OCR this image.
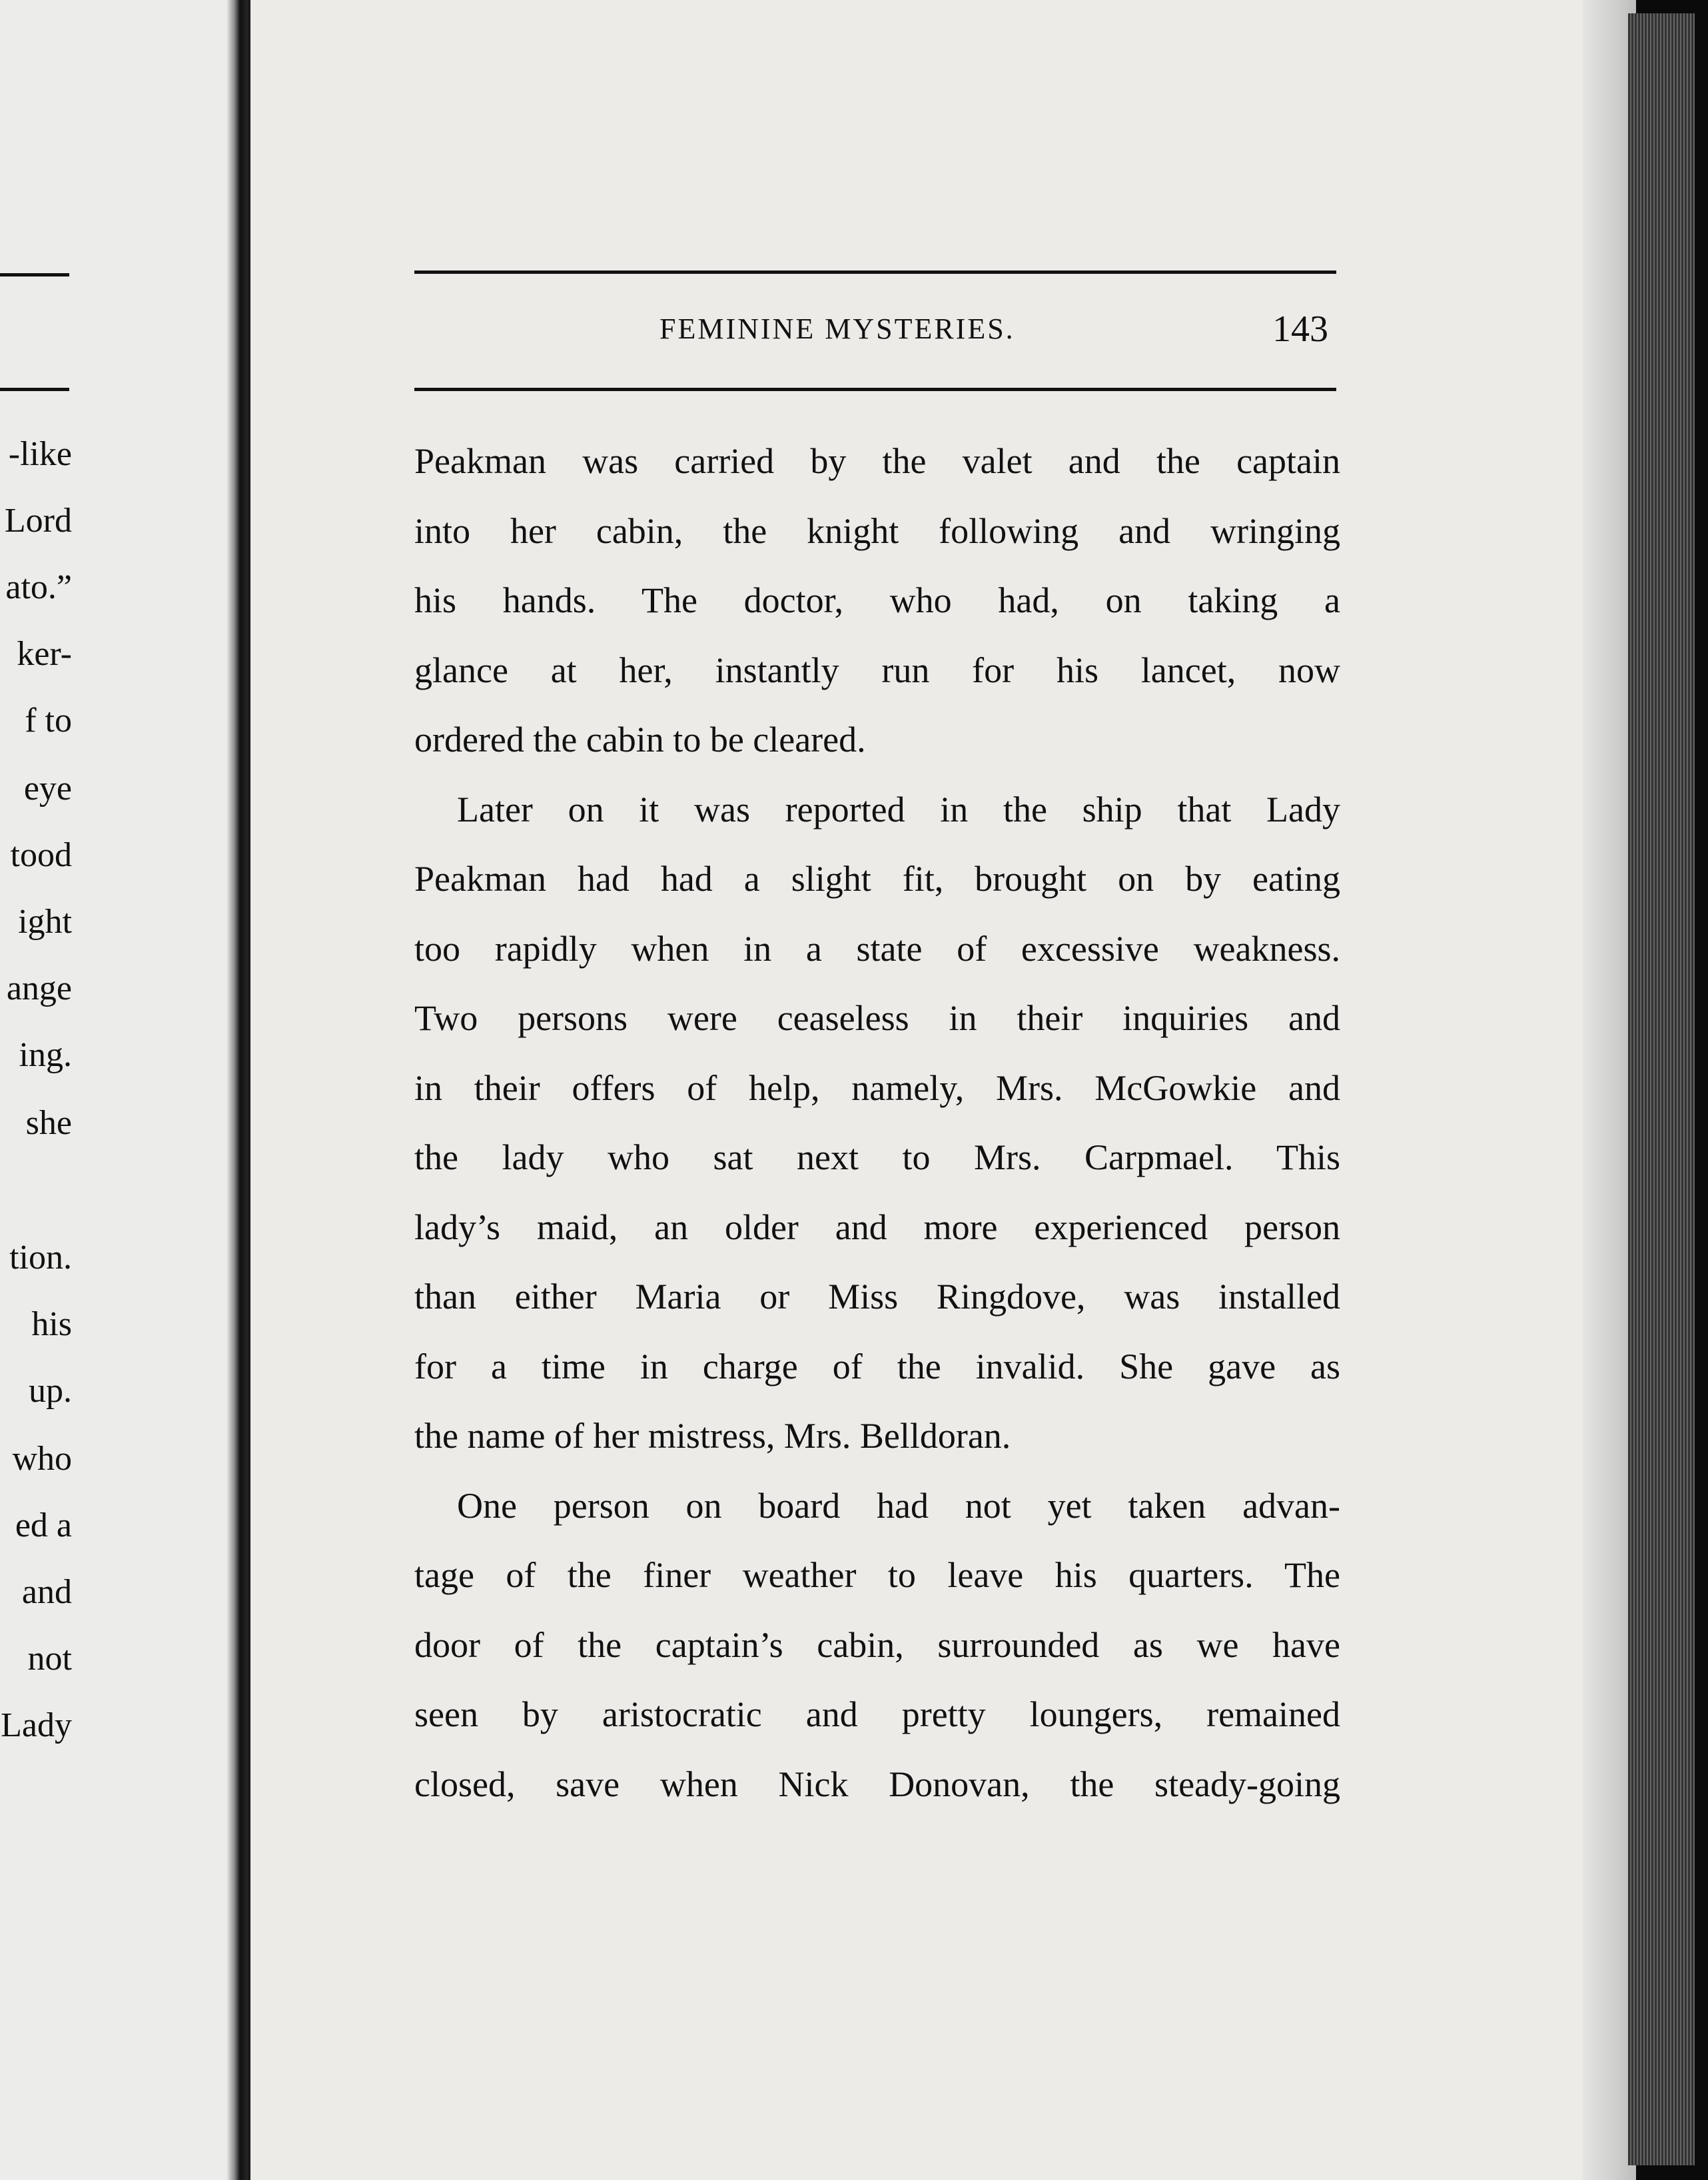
-like
Lord
ato.”
ker-
f to
eye
tood
ight
ange
ing.
she
tion.
his
up.
who
ed a
and
not
Lady
FEMININE MYSTERIES.	143
Peakman was carried by the valet and the captain
into her cabin, the knight following and wringing
his hands. The doctor, who had, on taking a
glance at her, instantly run for his lancet, now
ordered the cabin to be cleared.
Later on it was reported in the ship that Lady
Peakman had had a slight fit, brought on by eating
too rapidly when in a state of excessive weakness.
Two persons were ceaseless in their inquiries and
in their offers of help, namely, Mrs. McGowkie and
the lady who sat next to Mrs. Carpmael. This
lady’s maid, an older and more experienced person
than either Maria or Miss Ringdove, was installed
for a time in charge of the invalid. She gave as
the name of her mistress, Mrs. Belldoran.
One person on board had not yet taken advan-
tage of the finer weather to leave his quarters. The
door of the captain’s cabin, surrounded as we have
seen by aristocratic and pretty loungers, remained
closed, save when Nick Donovan, the steady-going
